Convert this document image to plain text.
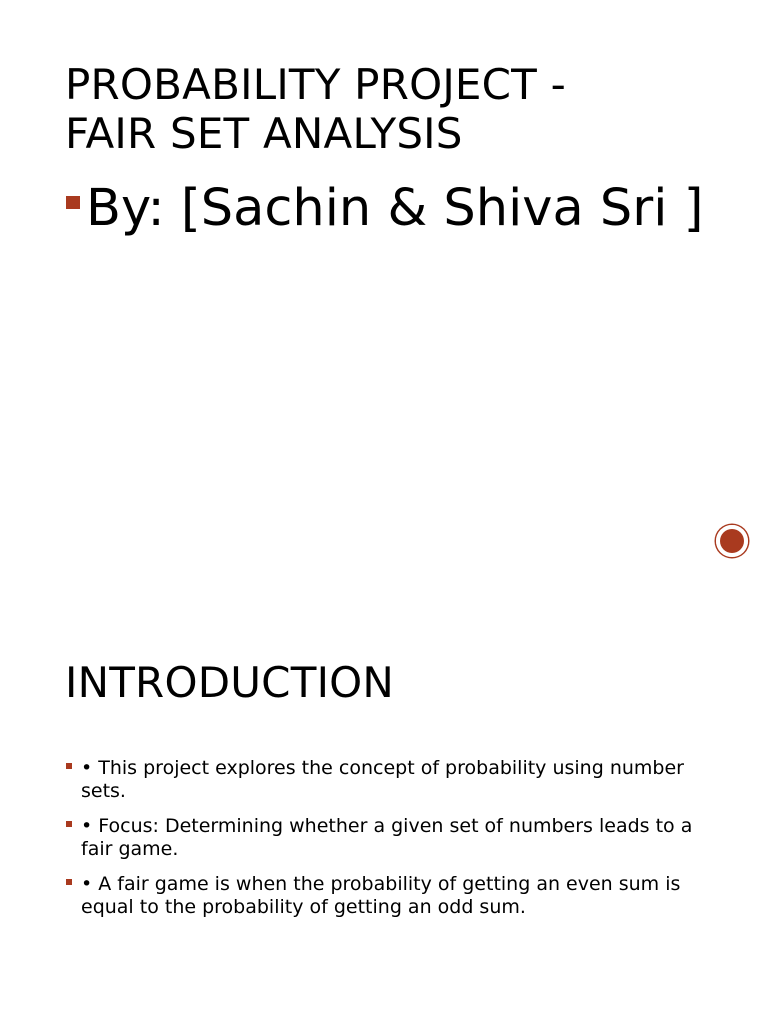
PROBABILITY PROJECT -
FAIR SET ANALYSIS

By: [Sachin & Shiva Sri ]

INTRODUCTION
• This project explores the concept of probability using number sets.
• Focus: Determining whether a given set of numbers leads to a fair game.
• A fair game is when the probability of getting an even sum is equal to the probability of getting an odd sum.
